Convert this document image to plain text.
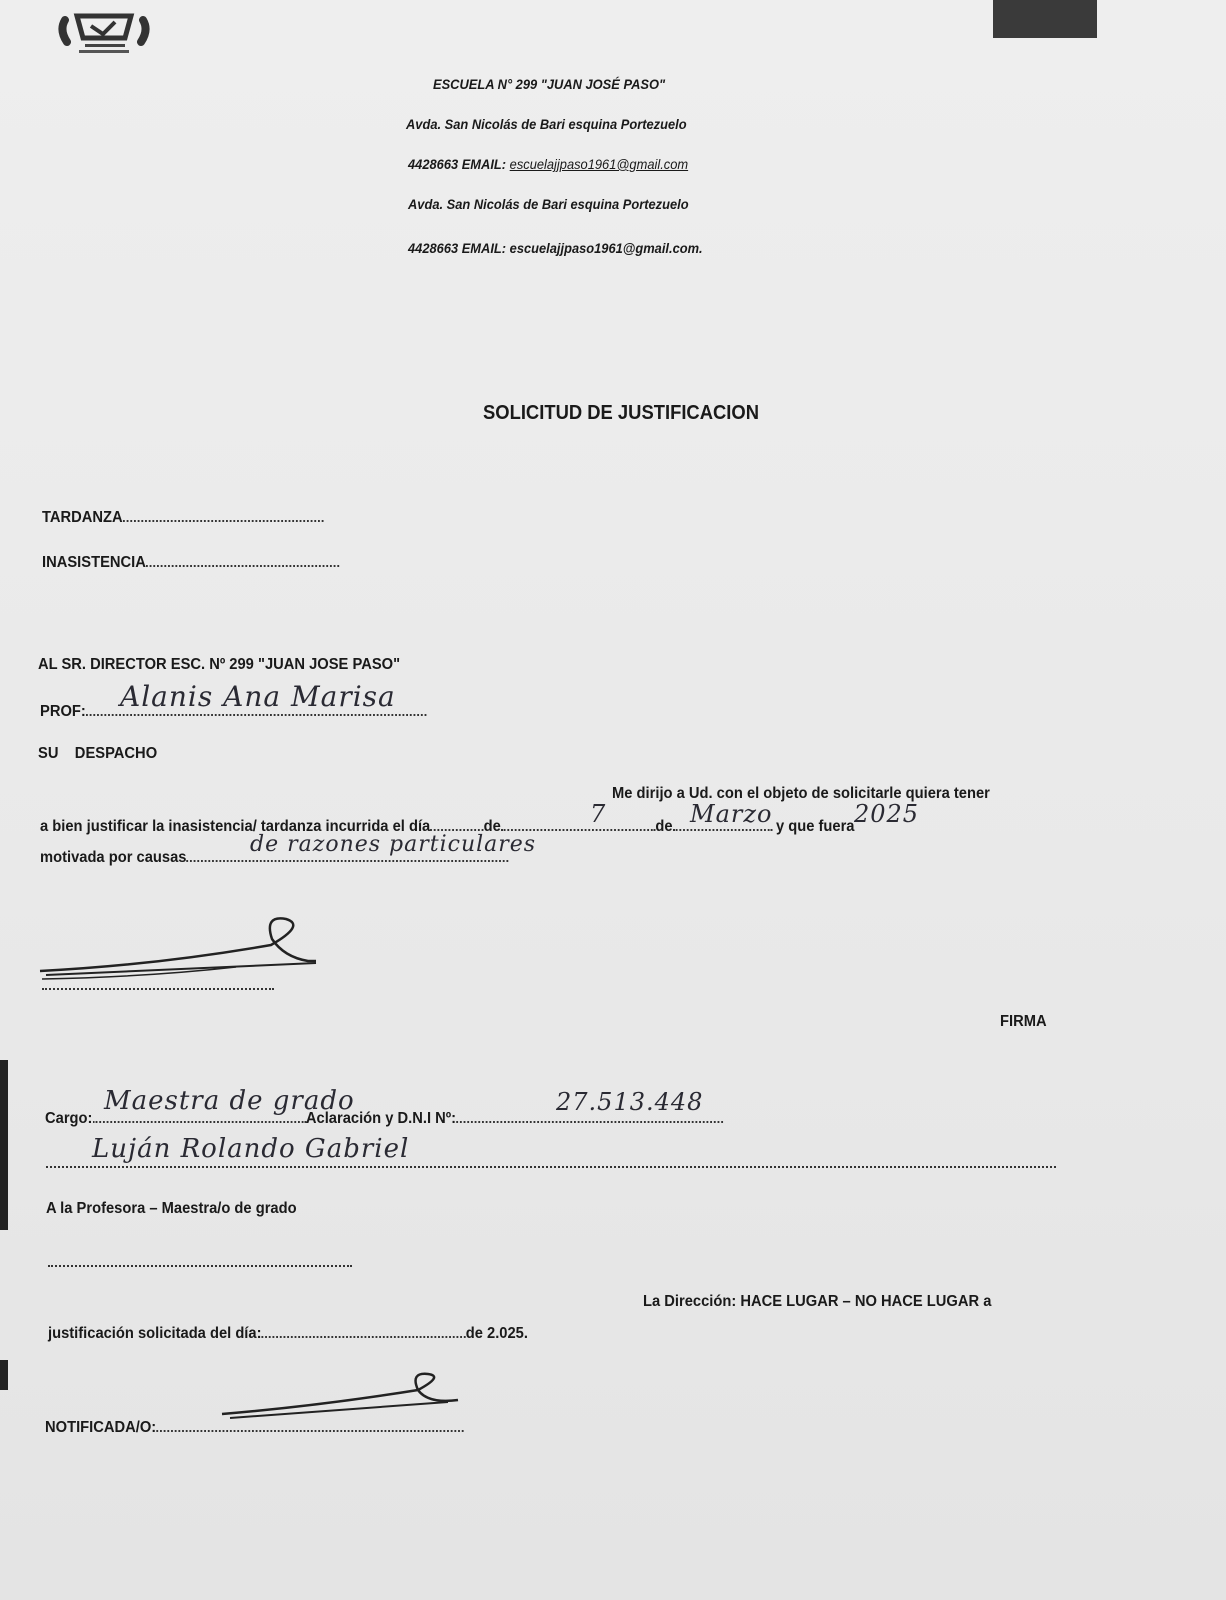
ESCUELA N° 299 "JUAN JOSÉ PASO"
Avda. San Nicolás de Bari esquina Portezuelo
4428663 EMAIL: escuelajjpaso1961@gmail.com
Avda. San Nicolás de Bari esquina Portezuelo
4428663 EMAIL: escuelajjpaso1961@gmail.com.
SOLICITUD DE JUSTIFICACION
TARDANZA
INASISTENCIA
AL SR. DIRECTOR ESC. Nº 299 "JUAN JOSE PASO"
PROF:	Alanis Ana Marisa
SU    DESPACHO
Me dirijo a Ud. con el objeto de solicitarle quiera tener
a bien justificar la inasistencia/ tardanza incurrida el día	de	de	y que fuera
7	Marzo	2025
motivada por causas
de razones particulares
FIRMA
Cargo:	Aclaración y D.N.I Nº:
Maestra de grado	27.513.448
Luján Rolando Gabriel
A la Profesora – Maestra/o de grado
La Dirección: HACE LUGAR – NO HACE LUGAR a
justificación solicitada del día:	de 2.025.
NOTIFICADA/O:
